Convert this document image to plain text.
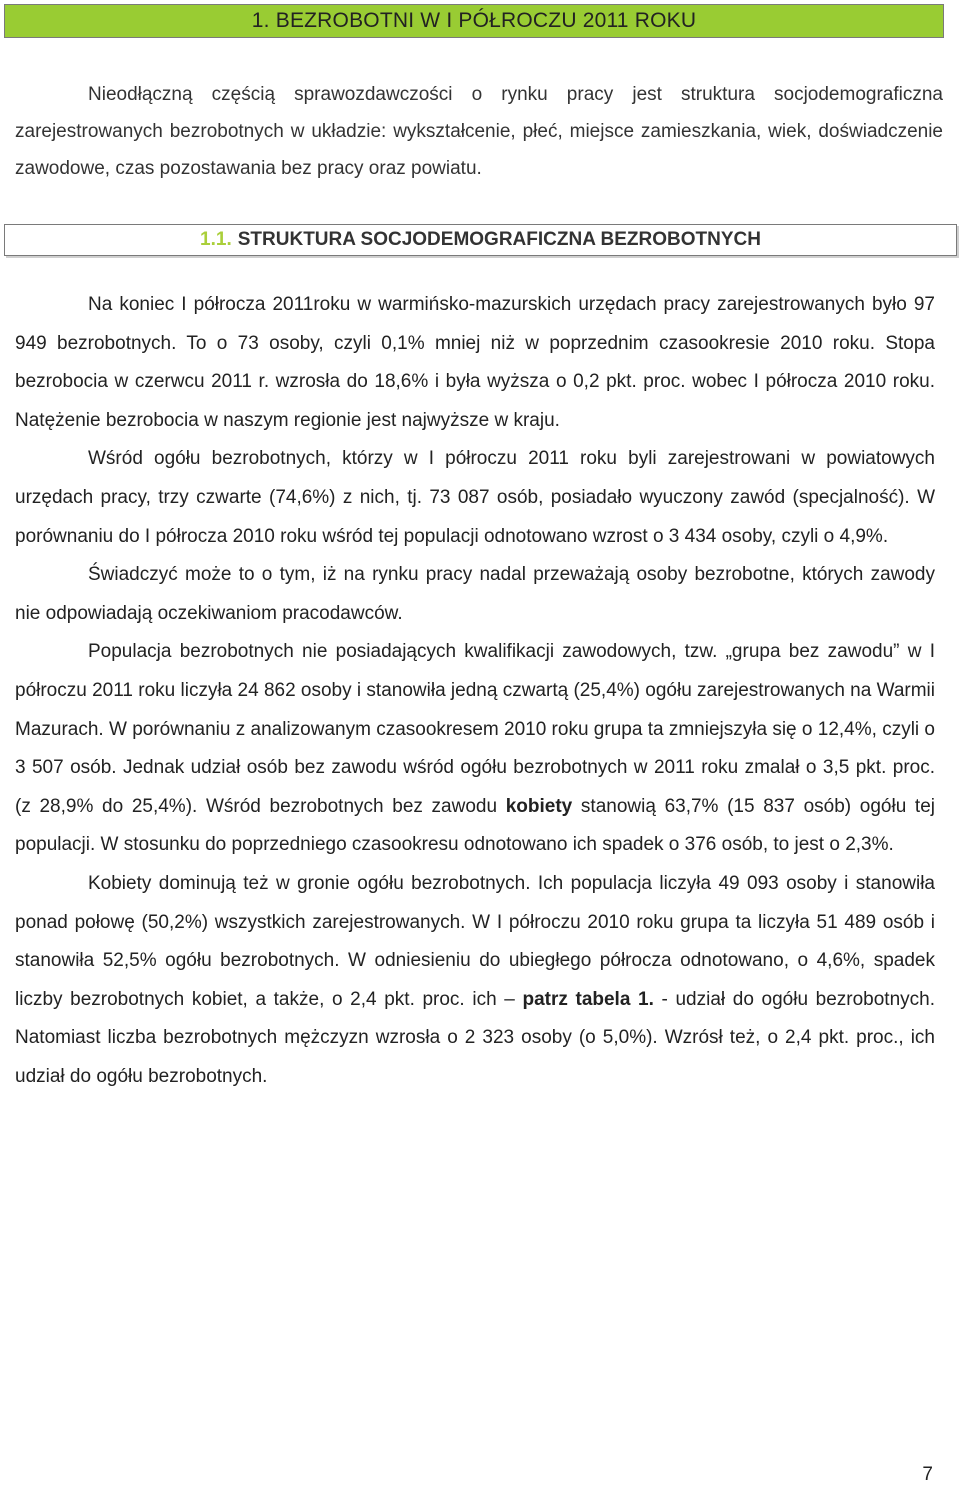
1. BEZROBOTNI W I PÓŁROCZU 2011 ROKU

Nieodłączną częścią sprawozdawczości o rynku pracy jest struktura socjodemograficzna zarejestrowanych bezrobotnych w układzie: wykształcenie, płeć, miejsce zamieszkania, wiek, doświadczenie zawodowe, czas pozostawania bez pracy oraz powiatu.

1.1. STRUKTURA SOCJODEMOGRAFICZNA BEZROBOTNYCH

Na koniec I półrocza 2011roku w warmińsko-mazurskich urzędach pracy zarejestrowanych było 97 949 bezrobotnych. To o 73 osoby, czyli 0,1% mniej niż w poprzednim czasookresie 2010 roku. Stopa bezrobocia w czerwcu 2011 r. wzrosła do 18,6% i była wyższa o 0,2 pkt. proc. wobec I półrocza 2010 roku. Natężenie bezrobocia w naszym regionie jest najwyższe w kraju.

Wśród ogółu bezrobotnych, którzy w I półroczu 2011 roku byli zarejestrowani w powiatowych urzędach pracy, trzy czwarte (74,6%) z nich, tj. 73 087 osób, posiadało wyuczony zawód (specjalność). W porównaniu do I półrocza 2010 roku wśród tej populacji odnotowano wzrost o 3 434 osoby, czyli o 4,9%.

Świadczyć może to o tym, iż na rynku pracy nadal przeważają osoby bezrobotne, których zawody nie odpowiadają oczekiwaniom pracodawców.

Populacja bezrobotnych nie posiadających kwalifikacji zawodowych, tzw. „grupa bez zawodu” w I półroczu 2011 roku liczyła 24 862 osoby i stanowiła jedną czwartą (25,4%) ogółu zarejestrowanych na Warmii Mazurach. W porównaniu z analizowanym czasookresem 2010 roku grupa ta zmniejszyła się o 12,4%, czyli o 3 507 osób. Jednak udział osób bez zawodu wśród ogółu bezrobotnych w 2011 roku zmalał o 3,5 pkt. proc. (z 28,9% do 25,4%). Wśród bezrobotnych bez zawodu kobiety stanowią 63,7% (15 837 osób) ogółu tej populacji. W stosunku do poprzedniego czasookresu odnotowano ich spadek o 376 osób, to jest o 2,3%.

Kobiety dominują też w gronie ogółu bezrobotnych. Ich populacja liczyła 49 093 osoby i stanowiła ponad połowę (50,2%) wszystkich zarejestrowanych. W I półroczu 2010 roku grupa ta liczyła 51 489 osób i stanowiła 52,5% ogółu bezrobotnych. W odniesieniu do ubiegłego półrocza odnotowano, o 4,6%, spadek liczby bezrobotnych kobiet, a także, o 2,4 pkt. proc. ich – patrz tabela 1. - udział do ogółu bezrobotnych. Natomiast liczba bezrobotnych mężczyzn wzrosła o 2 323 osoby (o 5,0%). Wzrósł też, o 2,4 pkt. proc., ich udział do ogółu bezrobotnych.

7
